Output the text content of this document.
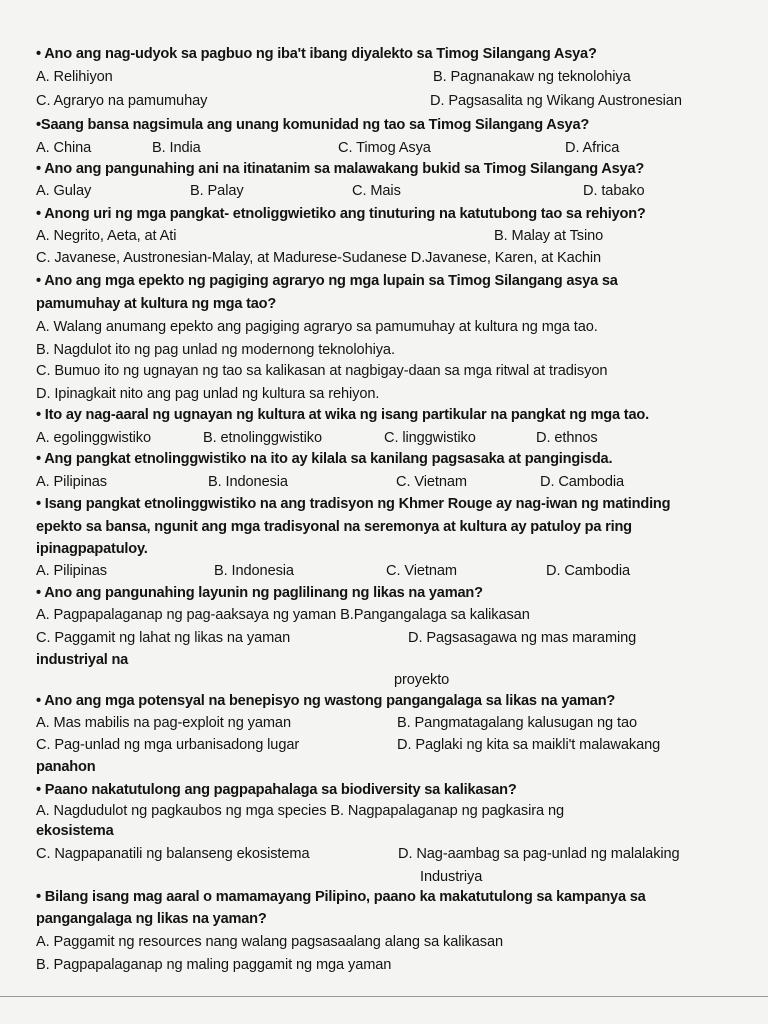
• Ano ang nag-udyok sa pagbuo ng iba't ibang diyalekto sa Timog Silangang Asya?
A. Relihiyon	B. Pagnanakaw ng teknolohiya
C. Agraryo na pamumuhay	D. Pagsasalita ng Wikang Austronesian
•Saang bansa nagsimula ang unang komunidad ng tao sa Timog Silangang Asya?
A. China	B. India	C. Timog Asya	D. Africa
• Ano ang pangunahing ani na itinatanim sa malawakang bukid sa Timog Silangang Asya?
A. Gulay	B. Palay	C. Mais	D. tabako
• Anong uri ng mga pangkat- etnoliggwietiko ang tinuturing na katutubong tao sa rehiyon?
A. Negrito, Aeta, at Ati	B. Malay at Tsino
C. Javanese, Austronesian-Malay, at Madurese-Sudanese D.Javanese, Karen, at Kachin
• Ano ang mga epekto ng pagiging agraryo ng mga lupain sa Timog Silangang asya sa
pamumuhay at kultura ng mga tao?
A. Walang anumang epekto ang pagiging agraryo sa pamumuhay at kultura ng mga tao.
B. Nagdulot ito ng pag unlad ng modernong teknolohiya.
C. Bumuo ito ng ugnayan ng tao sa kalikasan at nagbigay-daan sa mga ritwal at tradisyon
D. Ipinagkait nito ang pag unlad ng kultura sa rehiyon.
• Ito ay nag-aaral ng ugnayan ng kultura at wika ng isang partikular na pangkat ng mga tao.
A. egolinggwistiko	B. etnolinggwistiko	C. linggwistiko	D. ethnos
• Ang pangkat etnolinggwistiko na ito ay kilala sa kanilang pagsasaka at pangingisda.
A. Pilipinas	B. Indonesia	C. Vietnam	D. Cambodia
• Isang pangkat etnolinggwistiko na ang tradisyon ng Khmer Rouge ay nag-iwan ng matinding
epekto sa bansa, ngunit ang mga tradisyonal na seremonya at kultura ay patuloy pa ring
ipinagpapatuloy.
A. Pilipinas	B. Indonesia	C. Vietnam	D. Cambodia
• Ano ang pangunahing layunin ng paglilinang ng likas na yaman?
A. Pagpapalaganap ng pag-aaksaya ng yaman B.Pangangalaga sa kalikasan
C. Paggamit ng lahat ng likas na yaman	D. Pagsasagawa ng mas maraming
industriyal na
proyekto
• Ano ang mga potensyal na benepisyo ng wastong pangangalaga sa likas na yaman?
A. Mas mabilis na pag-exploit ng yaman	B. Pangmatagalang kalusugan ng tao
C. Pag-unlad ng mga urbanisadong lugar	D. Paglaki ng kita sa maikli't malawakang
panahon
• Paano nakatutulong ang pagpapahalaga sa biodiversity sa kalikasan?
A. Nagdudulot ng pagkaubos ng mga species B. Nagpapalaganap ng pagkasira ng
ekosistema
C. Nagpapanatili ng balanseng ekosistema	D. Nag-aambag sa pag-unlad ng malalaking
Industriya
• Bilang isang mag aaral o mamamayang Pilipino, paano ka makatutulong sa kampanya sa
pangangalaga ng likas na yaman?
A. Paggamit ng resources nang walang pagsasaalang alang sa kalikasan
B. Pagpapalaganap ng maling paggamit ng mga yaman
